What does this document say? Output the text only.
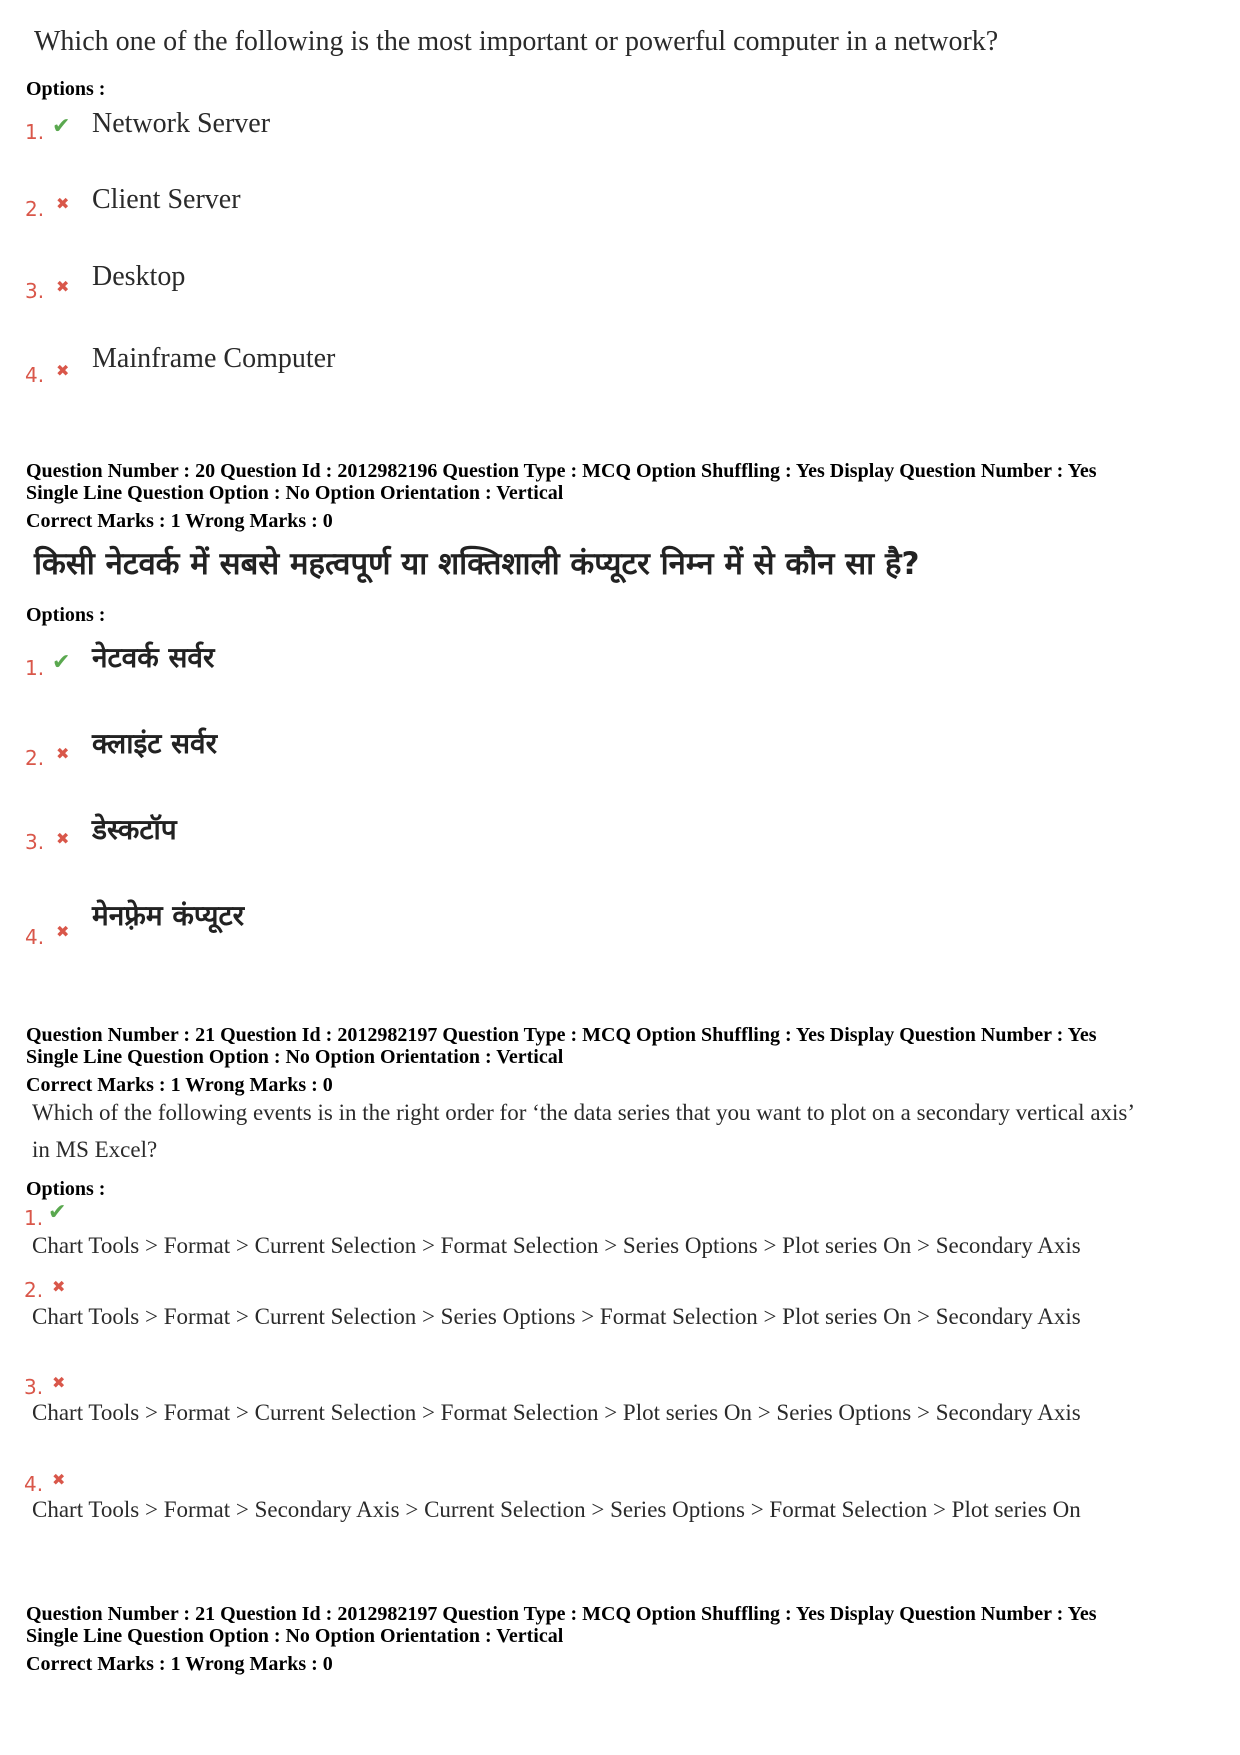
Which one of the following is the most important or powerful computer in a network?
Options :
1. ✔ Network Server
2. ✖ Client Server
3. ✖ Desktop
4. ✖ Mainframe Computer
Question Number : 20 Question Id : 2012982196 Question Type : MCQ Option Shuffling : Yes Display Question Number : Yes
Single Line Question Option : No Option Orientation : Vertical
Correct Marks : 1 Wrong Marks : 0
किसी नेटवर्क में सबसे महत्वपूर्ण या शक्तिशाली कंप्यूटर निम्न में से कौन सा है?
Options :
1. ✔ नेटवर्क सर्वर
2. ✖ क्लाइंट सर्वर
3. ✖ डेस्कटॉप
4. ✖ मेनफ़्रेम कंप्यूटर
Question Number : 21 Question Id : 2012982197 Question Type : MCQ Option Shuffling : Yes Display Question Number : Yes
Single Line Question Option : No Option Orientation : Vertical
Correct Marks : 1 Wrong Marks : 0
Which of the following events is in the right order for ‘the data series that you want to plot on a secondary vertical axis’
in MS Excel?
Options :
1. ✔
Chart Tools > Format > Current Selection > Format Selection > Series Options > Plot series On > Secondary Axis
2. ✖
Chart Tools > Format > Current Selection > Series Options > Format Selection > Plot series On > Secondary Axis
3. ✖
Chart Tools > Format > Current Selection > Format Selection > Plot series On > Series Options > Secondary Axis
4. ✖
Chart Tools > Format > Secondary Axis > Current Selection > Series Options > Format Selection > Plot series On
Question Number : 21 Question Id : 2012982197 Question Type : MCQ Option Shuffling : Yes Display Question Number : Yes
Single Line Question Option : No Option Orientation : Vertical
Correct Marks : 1 Wrong Marks : 0
